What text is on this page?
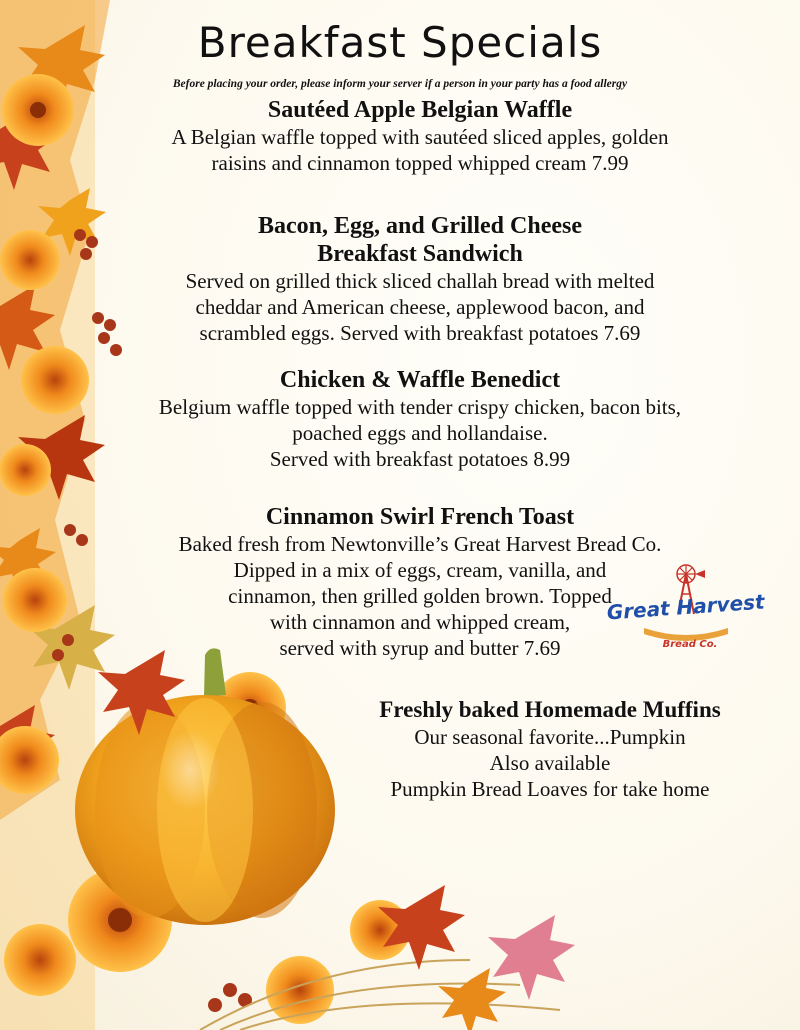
Breakfast Specials
Before placing your order, please inform your server if a person in your party has a food allergy
Sautéed Apple Belgian Waffle
A Belgian waffle topped with sautéed sliced apples, golden
raisins and cinnamon topped whipped cream 7.99
Bacon, Egg, and Grilled Cheese
Breakfast Sandwich
Served on grilled thick sliced challah bread with melted
cheddar and American cheese, applewood bacon, and
scrambled eggs. Served with breakfast potatoes 7.69
Chicken & Waffle Benedict
Belgium waffle topped with tender crispy chicken, bacon bits,
poached eggs and hollandaise.
Served with breakfast potatoes 8.99
Cinnamon Swirl French Toast
Baked fresh from Newtonville’s Great Harvest Bread Co.
Dipped in a mix of eggs, cream, vanilla, and
cinnamon, then grilled golden brown. Topped
with cinnamon and whipped cream,
served with syrup and butter 7.69
Freshly baked Homemade Muffins
Our seasonal favorite...Pumpkin
Also available
Pumpkin Bread Loaves for take home
Great Harvest
Bread Co.
